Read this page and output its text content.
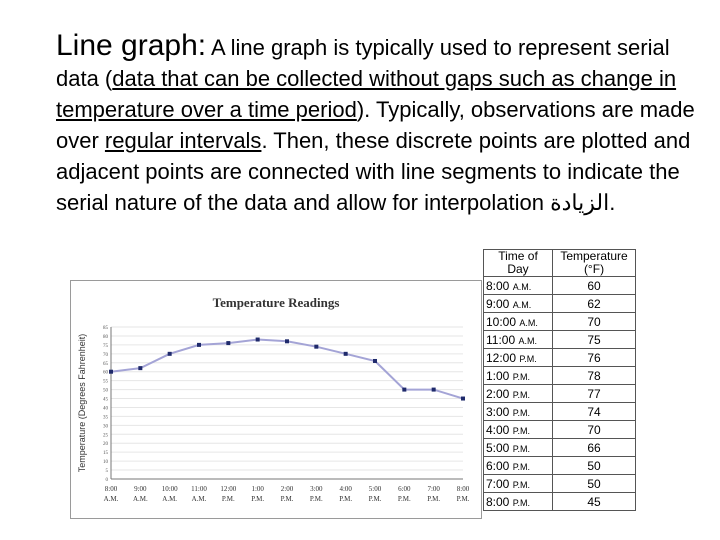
Line graph: A line graph is typically used to represent serial data (data that can be collected without gaps such as change in temperature over a time period). Typically, observations are made over regular intervals. Then, these discrete points are plotted and adjacent points are connected with line segments to indicate the serial nature of the data and allow for interpolation الزيادة.

Temperature Readings
Temperature (Degrees Fahrenheit)
0
5
10
15
20
25
30
35
40
45
50
55
60
65
70
75
80
85
8:00
A.M.
9:00
A.M.
10:00
A.M.
11:00
A.M.
12:00
P.M.
1:00
P.M.
2:00
P.M.
3:00
P.M.
4:00
P.M.
5:00
P.M.
6:00
P.M.
7:00
P.M.
8:00
P.M.
Time of Day	Temperature (°F)
8:00 A.M.	60
9:00 A.M.	62
10:00 A.M.	70
11:00 A.M.	75
12:00 P.M.	76
1:00 P.M.	78
2:00 P.M.	77
3:00 P.M.	74
4:00 P.M.	70
5:00 P.M.	66
6:00 P.M.	50
7:00 P.M.	50
8:00 P.M.	45
